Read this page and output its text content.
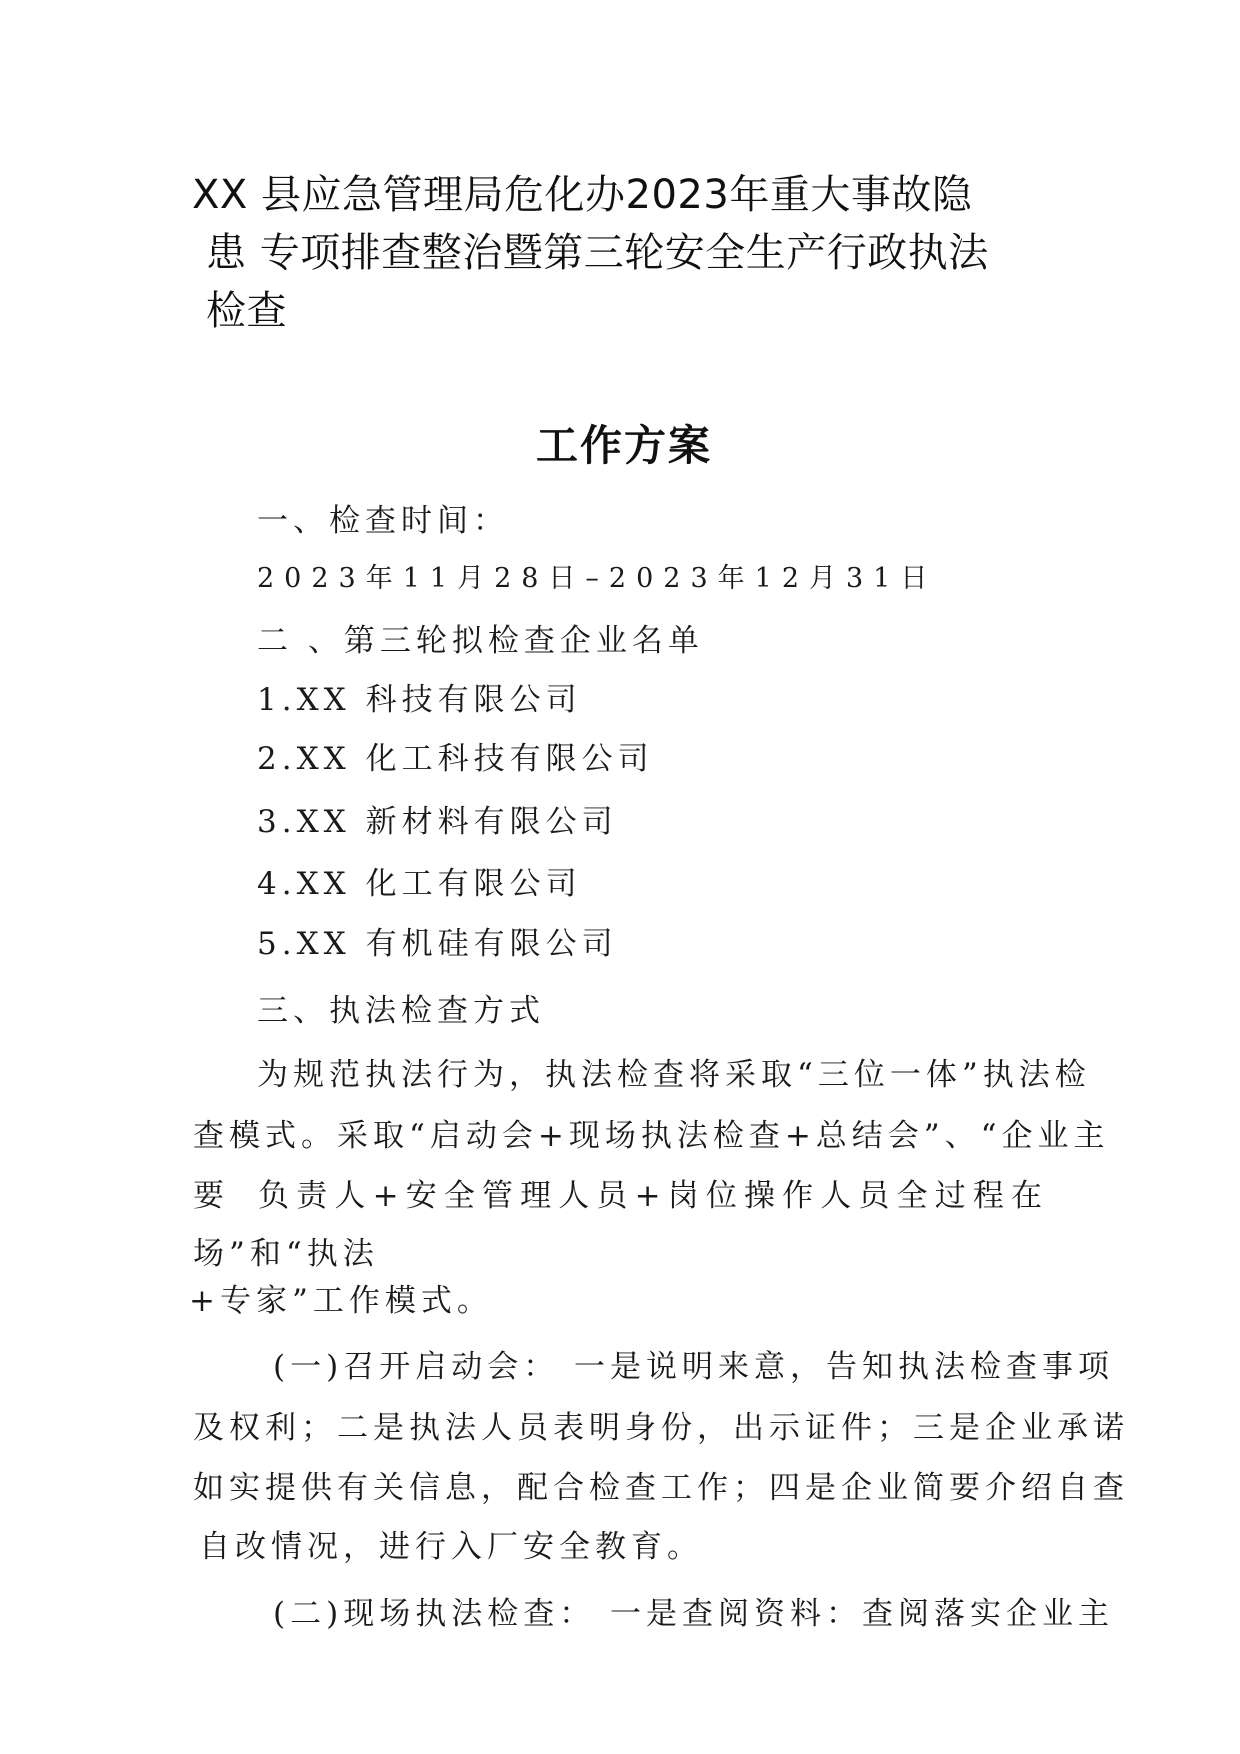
XX 县应急管理局危化办2023年重大事故隐
患 专项排查整治暨第三轮安全生产行政执法
检查
工作方案
一、检查时间：
2023年11月28日–2023年12月31日
二 、第三轮拟检查企业名单
1.XX 科技有限公司
2.XX 化工科技有限公司
3.XX 新材料有限公司
4.XX 化工有限公司
5.XX 有机硅有限公司
三、执法检查方式
为规范执法行为，执法检查将采取“三位一体”执法检
查模式。采取“启动会+现场执法检查+总结会”、“企业主
要 负责人+安全管理人员+岗位操作人员全过程在
场”和“执法
+专家”工作模式。
(一)召开启动会： 一是说明来意，告知执法检查事项
及权利；二是执法人员表明身份，出示证件；三是企业承诺
如实提供有关信息，配合检查工作；四是企业简要介绍自查
自改情况，进行入厂安全教育。
(二)现场执法检查： 一是查阅资料：查阅落实企业主
